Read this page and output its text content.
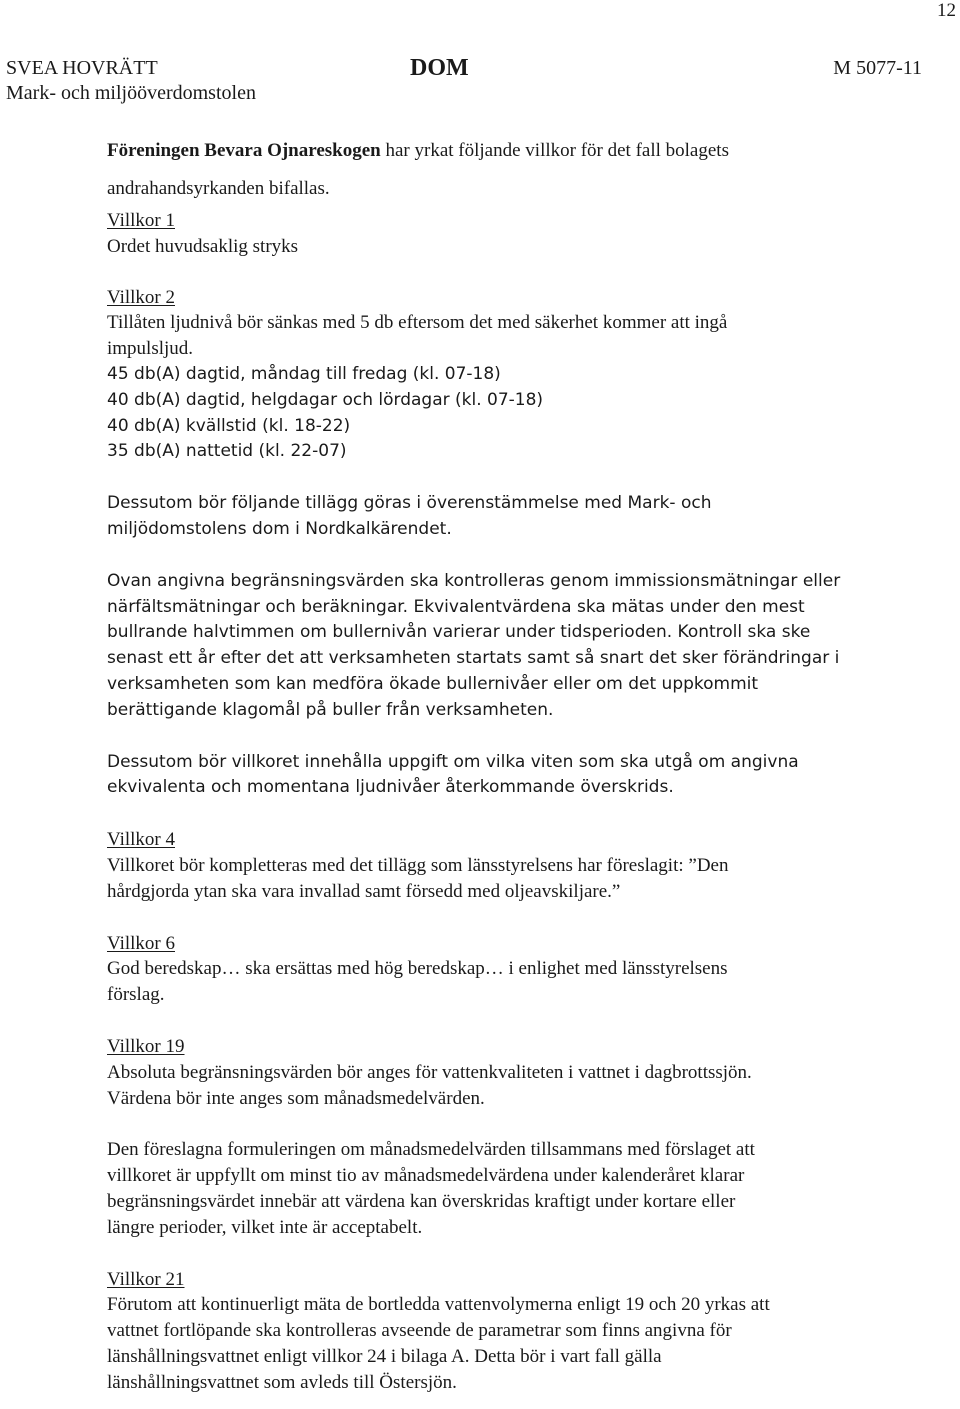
12
SVEA HOVRÄTT
Mark- och miljööverdomstolen
DOM	M 5077-11

Föreningen Bevara Ojnareskogen har yrkat följande villkor för det fall bolagets

andrahandsyrkanden bifallas.

Villkor 1

Ordet huvudsaklig stryks

Villkor 2

Tillåten ljudnivå bör sänkas med 5 db eftersom det med säkerhet kommer att ingå

impulsljud.

45 db(A) dagtid, måndag till fredag (kl. 07-18)

40 db(A) dagtid, helgdagar och lördagar (kl. 07-18)

40 db(A) kvällstid (kl. 18-22)

35 db(A) nattetid (kl. 22-07)

Dessutom bör följande tillägg göras i överenstämmelse med Mark- och

miljödomstolens dom i Nordkalkärendet.

Ovan angivna begränsningsvärden ska kontrolleras genom immissionsmätningar eller

närfältsmätningar och beräkningar. Ekvivalentvärdena ska mätas under den mest

bullrande halvtimmen om bullernivån varierar under tidsperioden. Kontroll ska ske

senast ett år efter det att verksamheten startats samt så snart det sker förändringar i

verksamheten som kan medföra ökade bullernivåer eller om det uppkommit

berättigande klagomål på buller från verksamheten.

Dessutom bör villkoret innehålla uppgift om vilka viten som ska utgå om angivna

ekvivalenta och momentana ljudnivåer återkommande överskrids.

Villkor 4

Villkoret bör kompletteras med det tillägg som länsstyrelsens har föreslagit: ”Den

hårdgjorda ytan ska vara invallad samt försedd med oljeavskiljare.”

Villkor 6

God beredskap… ska ersättas med hög beredskap… i enlighet med länsstyrelsens

förslag.

Villkor 19

Absoluta begränsningsvärden bör anges för vattenkvaliteten i vattnet i dagbrottssjön.

Värdena bör inte anges som månadsmedelvärden.

Den föreslagna formuleringen om månadsmedelvärden tillsammans med förslaget att

villkoret är uppfyllt om minst tio av månadsmedelvärdena under kalenderåret klarar

begränsningsvärdet innebär att värdena kan överskridas kraftigt under kortare eller

längre perioder, vilket inte är acceptabelt.

Villkor 21

Förutom att kontinuerligt mäta de bortledda vattenvolymerna enligt 19 och 20 yrkas att

vattnet fortlöpande ska kontrolleras avseende de parametrar som finns angivna för

länshållningsvattnet enligt villkor 24 i bilaga A. Detta bör i vart fall gälla

länshållningsvattnet som avleds till Östersjön.
